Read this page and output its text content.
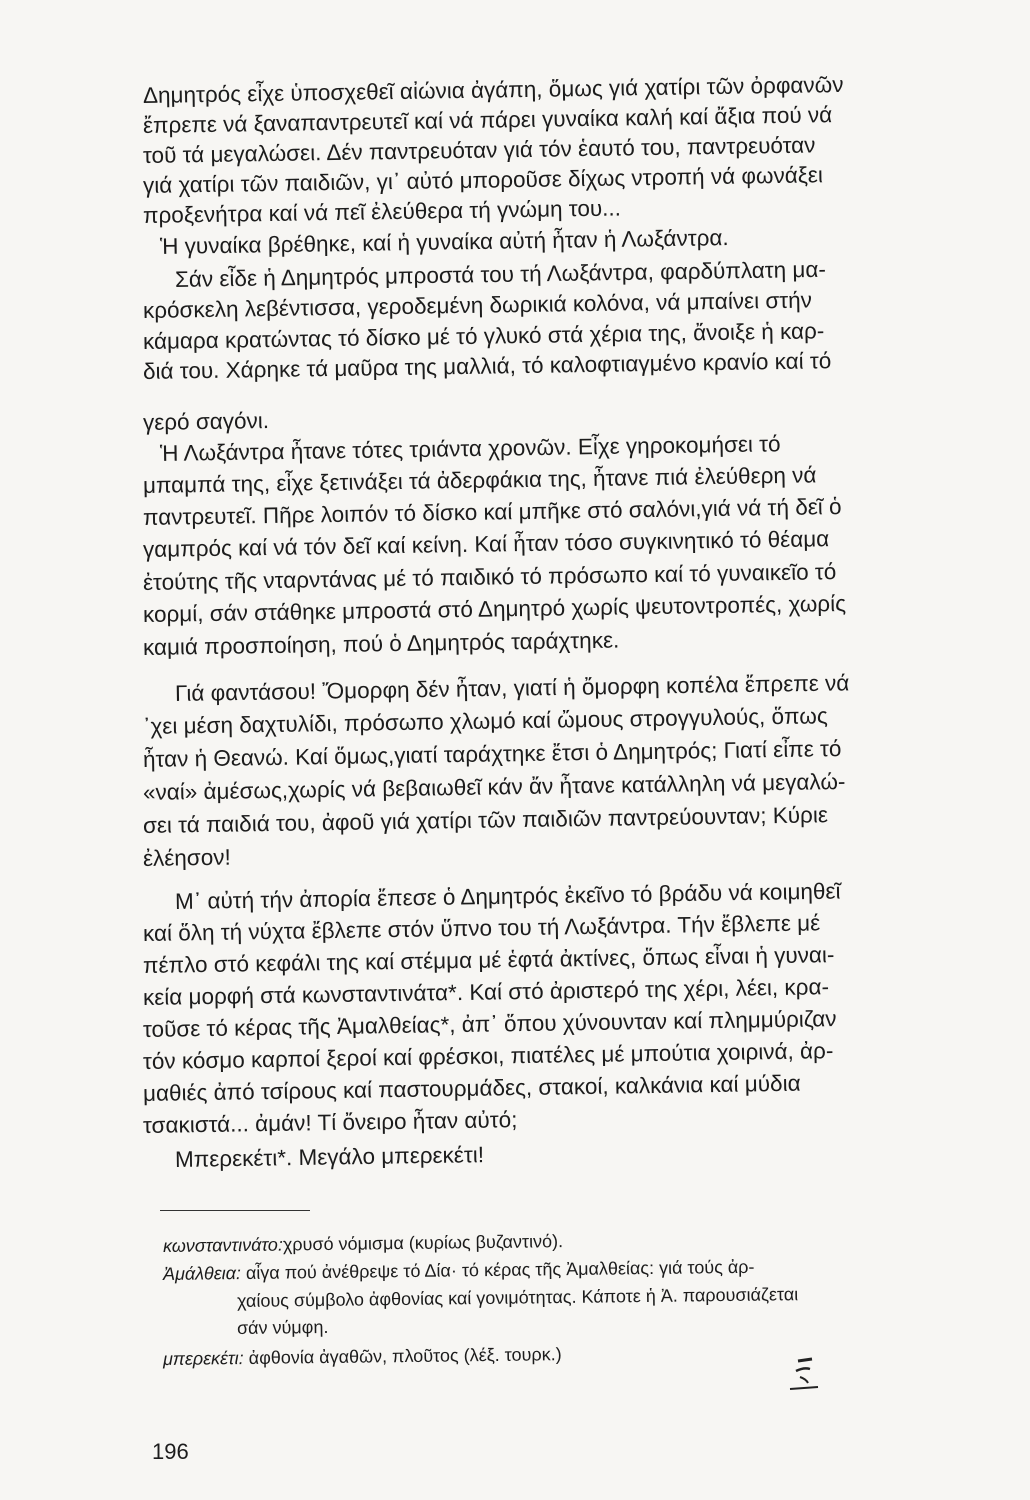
Δημητρός εἶχε ὑποσχεθεῖ αἰώνια ἀγάπη, ὅμως γιά χατίρι τῶν ὀρφανῶν
ἔπρεπε νά ξαναπαντρευτεῖ καί νά πάρει γυναίκα καλή καί ἄξια πού νά
τοῦ τά μεγαλώσει. Δέν παντρευόταν γιά τόν ἑαυτό του, παντρευόταν
γιά χατίρι τῶν παιδιῶν, γι᾽ αὐτό μποροῦσε δίχως ντροπή νά φωνάξει
προξενήτρα καί νά πεῖ ἐλεύθερα τή γνώμη του...
Ἡ γυναίκα βρέθηκε, καί ἡ γυναίκα αὐτή ἦταν ἡ Λωξάντρα.
Σάν εἶδε ἡ Δημητρός μπροστά του τή Λωξάντρα, φαρδύπλατη μα-
κρόσκελη λεβέντισσα, γεροδεμένη δωρικιά κολόνα, νά μπαίνει στήν
κάμαρα κρατώντας τό δίσκο μέ τό γλυκό στά χέρια της, ἄνοιξε ἡ καρ-
διά του. Χάρηκε τά μαῦρα της μαλλιά, τό καλοφτιαγμένο κρανίο καί τό
γερό σαγόνι.
Ἡ Λωξάντρα ἦτανε τότες τριάντα χρονῶν. Εἶχε γηροκομήσει τό
μπαμπά της, εἶχε ξετινάξει τά ἀδερφάκια της, ἦτανε πιά ἐλεύθερη νά
παντρευτεῖ. Πῆρε λοιπόν τό δίσκο καί μπῆκε στό σαλόνι,γιά νά τή δεῖ ὁ
γαμπρός καί νά τόν δεῖ καί κείνη. Καί ἦταν τόσο συγκινητικό τό θέαμα
ἐτούτης τῆς νταρντάνας μέ τό παιδικό τό πρόσωπο καί τό γυναικεῖο τό
κορμί, σάν στάθηκε μπροστά στό Δημητρό χωρίς ψευτοντροπές, χωρίς
καμιά προσποίηση, πού ὁ Δημητρός ταράχτηκε.
Γιά φαντάσου! Ὄμορφη δέν ἦταν, γιατί ἡ ὄμορφη κοπέλα ἔπρεπε νά
᾽χει μέση δαχτυλίδι, πρόσωπο χλωμό καί ὤμους στρογγυλούς, ὅπως
ἦταν ἡ Θεανώ. Καί ὅμως,γιατί ταράχτηκε ἔτσι ὁ Δημητρός; Γιατί εἶπε τό
«ναί» ἀμέσως,χωρίς νά βεβαιωθεῖ κάν ἄν ἦτανε κατάλληλη νά μεγαλώ-
σει τά παιδιά του, ἀφοῦ γιά χατίρι τῶν παιδιῶν παντρεύουνταν; Κύριε
ἐλέησον!
Μ᾽ αὐτή τήν ἀπορία ἔπεσε ὁ Δημητρός ἐκεῖνο τό βράδυ νά κοιμηθεῖ
καί ὅλη τή νύχτα ἔβλεπε στόν ὕπνο του τή Λωξάντρα. Τήν ἔβλεπε μέ
πέπλο στό κεφάλι της καί στέμμα μέ ἑφτά ἀκτίνες, ὅπως εἶναι ἡ γυναι-
κεία μορφή στά κωνσταντινάτα*. Καί στό ἀριστερό της χέρι, λέει, κρα-
τοῦσε τό κέρας τῆς Ἀμαλθείας*, ἀπ᾽ ὅπου χύνουνταν καί πλημμύριζαν
τόν κόσμο καρποί ξεροί καί φρέσκοι, πιατέλες μέ μπούτια χοιρινά, ἀρ-
μαθιές ἀπό τσίρους καί παστουρμάδες, στακοί, καλκάνια καί μύδια
τσακιστά... ἀμάν! Τί ὄνειρο ἦταν αὐτό;
Μπερεκέτι*. Μεγάλο μπερεκέτι!
κωνσταντινάτο:χρυσό νόμισμα (κυρίως βυζαντινό).
Ἀμάλθεια: αἶγα πού ἀνέθρεψε τό Δία· τό κέρας τῆς Ἀμαλθείας: γιά τούς ἀρ-
χαίους σύμβολο ἀφθονίας καί γονιμότητας. Κάποτε ἡ Ἀ. παρουσιάζεται
σάν νύμφη.
μπερεκέτι: ἀφθονία ἀγαθῶν, πλοῦτος (λέξ. τουρκ.)
196
